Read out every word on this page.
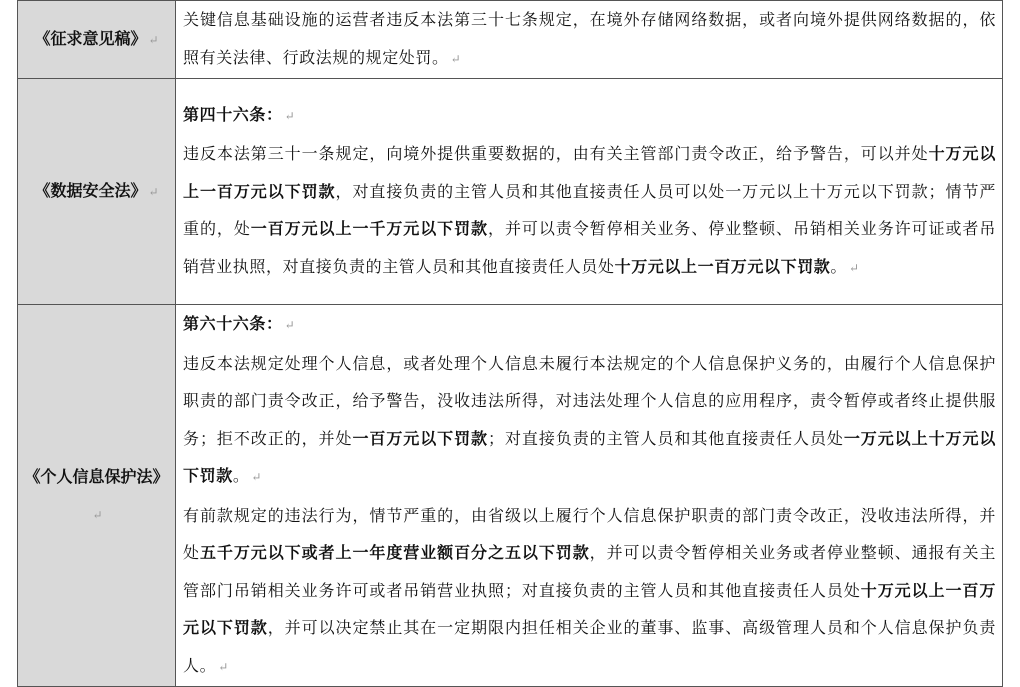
《征求意见稿》 ↵	关键信息基础设施的运营者违反本法第三十七条规定，在境外存储网络数据，或者向境外提供网络数据的，依照有关法律、行政法规的规定处罚。 ↵

《数据安全法》 ↵	第四十六条： ↵

违反本法第三十一条规定，向境外提供重要数据的，由有关主管部门责令改正，给予警告，可以并处十万元以上一百万元以下罚款，对直接负责的主管人员和其他直接责任人员可以处一万元以上十万元以下罚款；情节严重的，处一百万元以上一千万元以下罚款，并可以责令暂停相关业务、停业整顿、吊销相关业务许可证或者吊销营业执照，对直接负责的主管人员和其他直接责任人员处十万元以上一百万元以下罚款。 ↵

《个人信息保护法》↵	第六十六条： ↵

违反本法规定处理个人信息，或者处理个人信息未履行本法规定的个人信息保护义务的，由履行个人信息保护职责的部门责令改正，给予警告，没收违法所得，对违法处理个人信息的应用程序，责令暂停或者终止提供服务；拒不改正的，并处一百万元以下罚款；对直接负责的主管人员和其他直接责任人员处一万元以上十万元以下罚款。 ↵

有前款规定的违法行为，情节严重的，由省级以上履行个人信息保护职责的部门责令改正，没收违法所得，并处五千万元以下或者上一年度营业额百分之五以下罚款，并可以责令暂停相关业务或者停业整顿、通报有关主管部门吊销相关业务许可或者吊销营业执照；对直接负责的主管人员和其他直接责任人员处十万元以上一百万元以下罚款，并可以决定禁止其在一定期限内担任相关企业的董事、监事、高级管理人员和个人信息保护负责人。 ↵
